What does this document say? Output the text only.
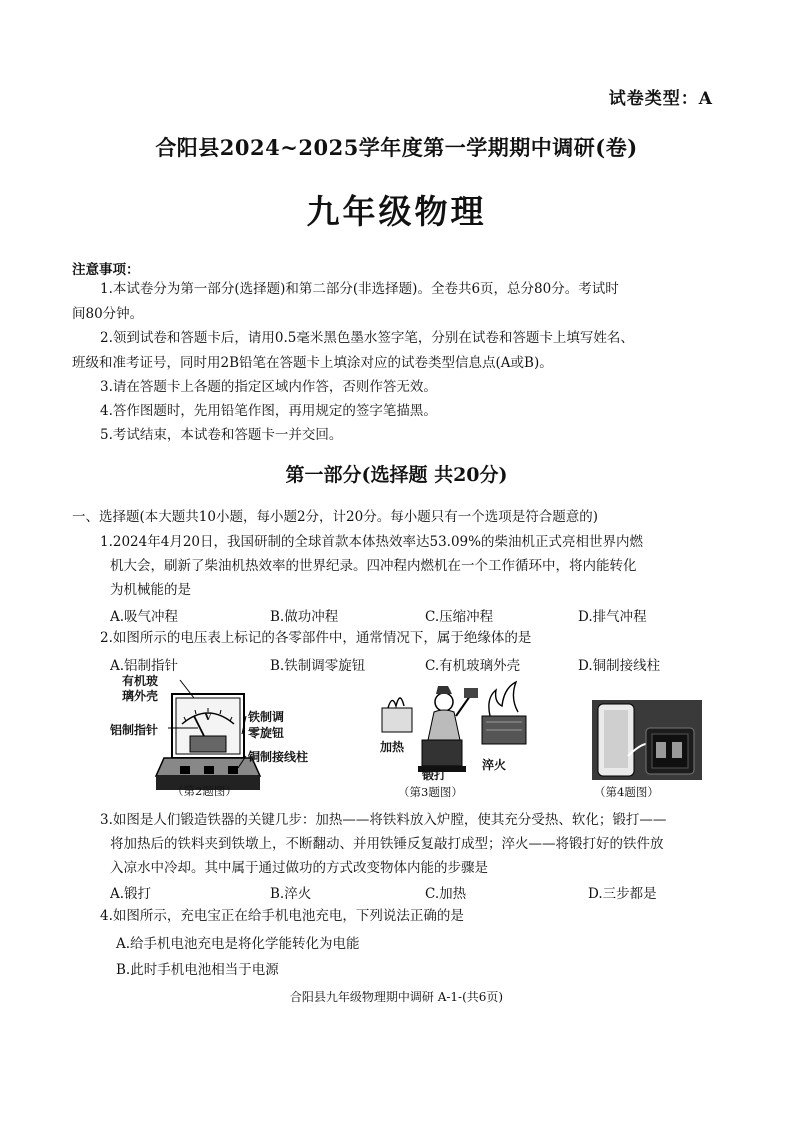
试卷类型：A
合阳县2024~2025学年度第一学期期中调研(卷)
九年级物理
注意事项：
1.本试卷分为第一部分(选择题)和第二部分(非选择题)。全卷共6页，总分80分。考试时
间80分钟。
2.领到试卷和答题卡后，请用0.5毫米黑色墨水签字笔，分别在试卷和答题卡上填写姓名、
班级和准考证号，同时用2B铅笔在答题卡上填涂对应的试卷类型信息点(A或B)。
3.请在答题卡上各题的指定区域内作答，否则作答无效。
4.答作图题时，先用铅笔作图，再用规定的签字笔描黑。
5.考试结束，本试卷和答题卡一并交回。
第一部分(选择题 共20分)
一、选择题(本大题共10小题，每小题2分，计20分。每小题只有一个选项是符合题意的)
1.2024年4月20日，我国研制的全球首款本体热效率达53.09%的柴油机正式亮相世界内燃
机大会，刷新了柴油机热效率的世界纪录。四冲程内燃机在一个工作循环中，将内能转化
为机械能的是
A.吸气冲程	B.做功冲程	C.压缩冲程	D.排气冲程
2.如图所示的电压表上标记的各零部件中，通常情况下，属于绝缘体的是
A.铝制指针	B.铁制调零旋钮	C.有机玻璃外壳	D.铜制接线柱
有机玻
璃外壳
铝制指针
铁制调
零旋钮
铜制接线柱
V
（第2题图）
加热
锻打
淬火
（第3题图）	（第4题图）
3.如图是人们锻造铁器的关键几步：加热——将铁料放入炉膛，使其充分受热、软化；锻打——
将加热后的铁料夹到铁墩上，不断翻动、并用铁锤反复敲打成型；淬火——将锻打好的铁件放
入凉水中冷却。其中属于通过做功的方式改变物体内能的步骤是
A.锻打	B.淬火	C.加热	D.三步都是
4.如图所示，充电宝正在给手机电池充电，下列说法正确的是
A.给手机电池充电是将化学能转化为电能
B.此时手机电池相当于电源
合阳县九年级物理期中调研 A-1-(共6页)
